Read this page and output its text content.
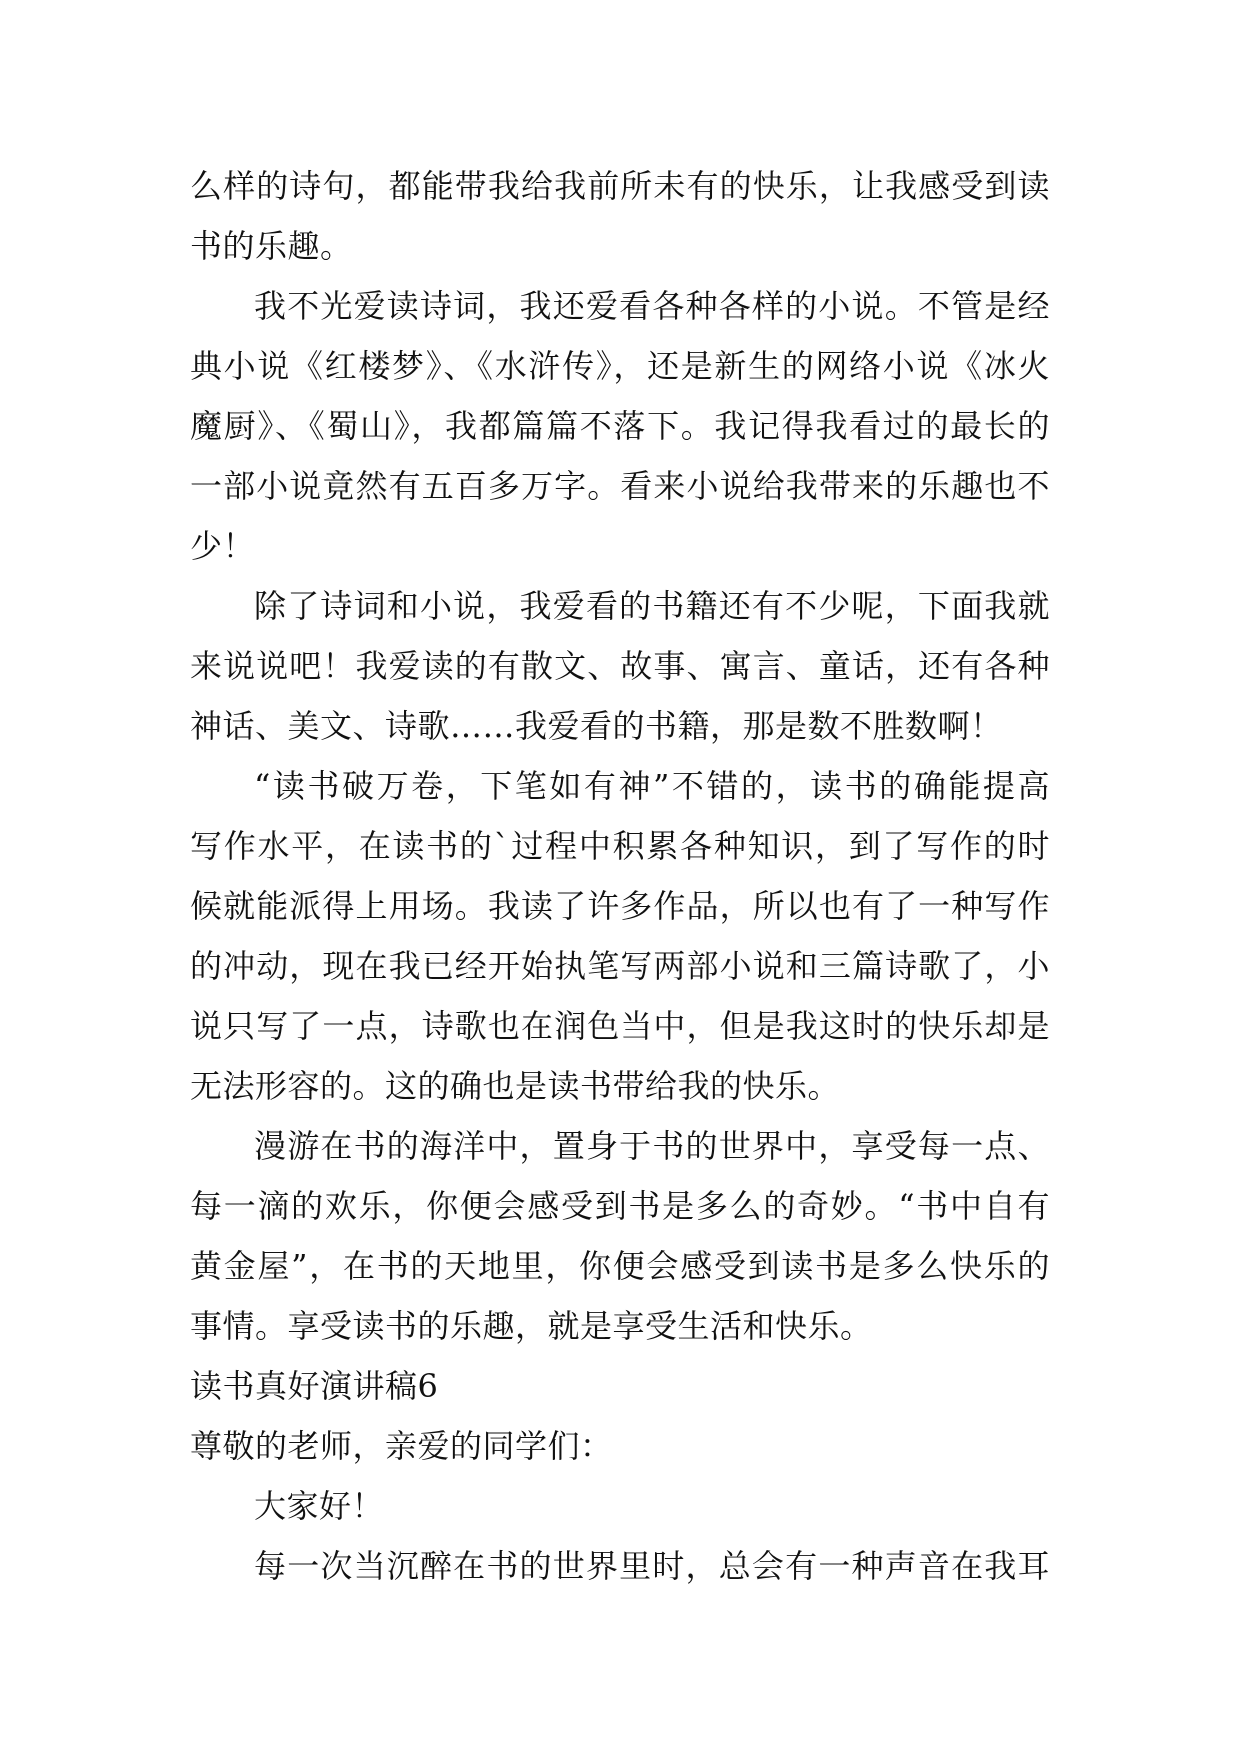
么样的诗句，都能带我给我前所未有的快乐，让我感受到读
书的乐趣。
我不光爱读诗词，我还爱看各种各样的小说。不管是经
典小说《红楼梦》、《水浒传》，还是新生的网络小说《冰火
魔厨》、《蜀山》，我都篇篇不落下。我记得我看过的最长的
一部小说竟然有五百多万字。看来小说给我带来的乐趣也不
少！
除了诗词和小说，我爱看的书籍还有不少呢，下面我就
来说说吧！我爱读的有散文、故事、寓言、童话，还有各种
神话、美文、诗歌……我爱看的书籍，那是数不胜数啊！
“读书破万卷，下笔如有神”不错的，读书的确能提高
写作水平，在读书的`过程中积累各种知识，到了写作的时
候就能派得上用场。我读了许多作品，所以也有了一种写作
的冲动，现在我已经开始执笔写两部小说和三篇诗歌了，小
说只写了一点，诗歌也在润色当中，但是我这时的快乐却是
无法形容的。这的确也是读书带给我的快乐。
漫游在书的海洋中，置身于书的世界中，享受每一点、
每一滴的欢乐，你便会感受到书是多么的奇妙。“书中自有
黄金屋”，在书的天地里，你便会感受到读书是多么快乐的
事情。享受读书的乐趣，就是享受生活和快乐。
读书真好演讲稿6
尊敬的老师，亲爱的同学们：
大家好！
每一次当沉醉在书的世界里时，总会有一种声音在我耳
